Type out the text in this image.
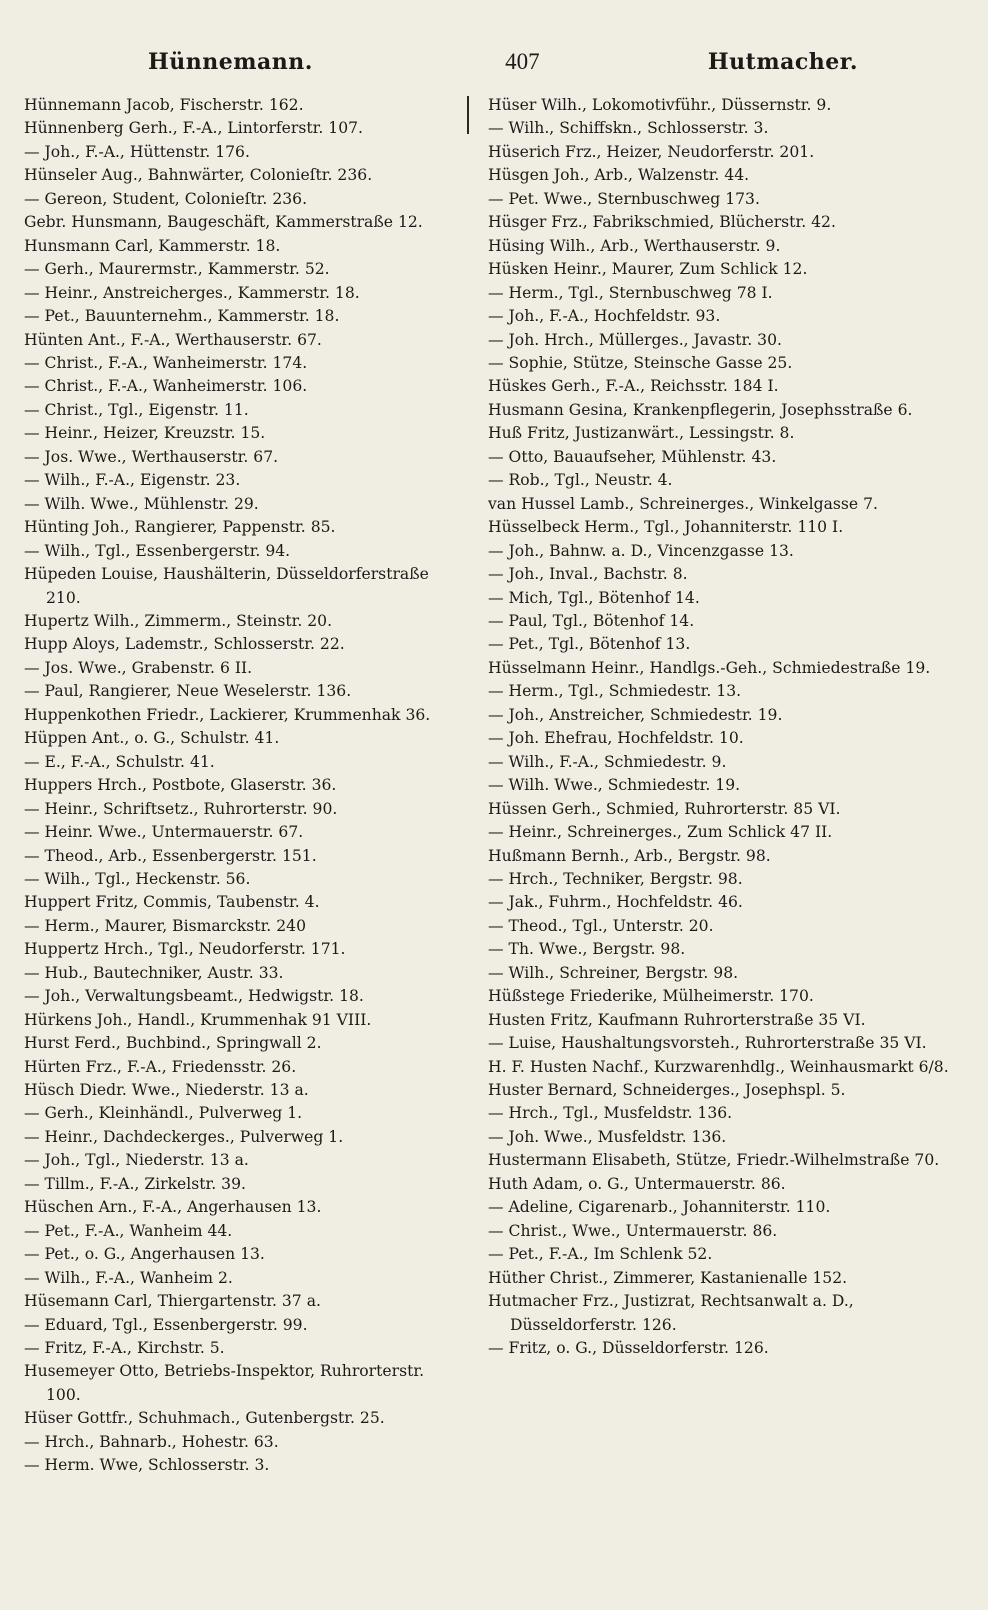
Hünnemann.	407	Hutmacher.
Hünnemann Jacob, Fischerstr. 162.
Hünnenberg Gerh., F.-A., Lintorferstr. 107.
— Joh., F.-A., Hüttenstr. 176.
Hünseler Aug., Bahnwärter, Colonieſtr. 236.
— Gereon, Student, Colonieſtr. 236.
Gebr. Hunsmann, Baugeschäft, Kammerstraße 12.
Hunsmann Carl, Kammerstr. 18.
— Gerh., Maurermstr., Kammerstr. 52.
— Heinr., Anstreicherges., Kammerstr. 18.
— Pet., Bauunternehm., Kammerstr. 18.
Hünten Ant., F.-A., Werthauserstr. 67.
— Christ., F.-A., Wanheimerstr. 174.
— Christ., F.-A., Wanheimerstr. 106.
— Christ., Tgl., Eigenstr. 11.
— Heinr., Heizer, Kreuzstr. 15.
— Jos. Wwe., Werthauserstr. 67.
— Wilh., F.-A., Eigenstr. 23.
— Wilh. Wwe., Mühlenstr. 29.
Hünting Joh., Rangierer, Pappenstr. 85.
— Wilh., Tgl., Essenbergerstr. 94.
Hüpeden Louise, Haushälterin, Düsseldorferstraße 210.
Hupertz Wilh., Zimmerm., Steinstr. 20.
Hupp Aloys, Lademstr., Schlosserstr. 22.
— Jos. Wwe., Grabenstr. 6 II.
— Paul, Rangierer, Neue Weselerstr. 136.
Huppenkothen Friedr., Lackierer, Krummenhak 36.
Hüppen Ant., o. G., Schulstr. 41.
— E., F.-A., Schulstr. 41.
Huppers Hrch., Postbote, Glaserstr. 36.
— Heinr., Schriftsetz., Ruhrorterstr. 90.
— Heinr. Wwe., Untermauerstr. 67.
— Theod., Arb., Essenbergerstr. 151.
— Wilh., Tgl., Heckenstr. 56.
Huppert Fritz, Commis, Taubenstr. 4.
— Herm., Maurer, Bismarckstr. 240
Huppertz Hrch., Tgl., Neudorferstr. 171.
— Hub., Bautechniker, Austr. 33.
— Joh., Verwaltungsbeamt., Hedwigstr. 18.
Hürkens Joh., Handl., Krummenhak 91 VIII.
Hurst Ferd., Buchbind., Springwall 2.
Hürten Frz., F.-A., Friedensstr. 26.
Hüsch Diedr. Wwe., Niederstr. 13 a.
— Gerh., Kleinhändl., Pulverweg 1.
— Heinr., Dachdeckerges., Pulverweg 1.
— Joh., Tgl., Niederstr. 13 a.
— Tillm., F.-A., Zirkelstr. 39.
Hüschen Arn., F.-A., Angerhausen 13.
— Pet., F.-A., Wanheim 44.
— Pet., o. G., Angerhausen 13.
— Wilh., F.-A., Wanheim 2.
Hüsemann Carl, Thiergartenstr. 37 a.
— Eduard, Tgl., Essenbergerstr. 99.
— Fritz, F.-A., Kirchstr. 5.
Husemeyer Otto, Betriebs-Inspektor, Ruhrorterstr. 100.
Hüser Gottfr., Schuhmach., Gutenbergstr. 25.
— Hrch., Bahnarb., Hohestr. 63.
— Herm. Wwe, Schlosserstr. 3.
Hüser Wilh., Lokomotivführ., Düssernstr. 9.
— Wilh., Schiffskn., Schlosserstr. 3.
Hüserich Frz., Heizer, Neudorferstr. 201.
Hüsgen Joh., Arb., Walzenstr. 44.
— Pet. Wwe., Sternbuschweg 173.
Hüsger Frz., Fabrikschmied, Blücherstr. 42.
Hüsing Wilh., Arb., Werthauserstr. 9.
Hüsken Heinr., Maurer, Zum Schlick 12.
— Herm., Tgl., Sternbuschweg 78 I.
— Joh., F.-A., Hochfeldstr. 93.
— Joh. Hrch., Müllerges., Javastr. 30.
— Sophie, Stütze, Steinsche Gasse 25.
Hüskes Gerh., F.-A., Reichsstr. 184 I.
Husmann Gesina, Krankenpflegerin, Josephsstraße 6.
Huß Fritz, Justizanwärt., Lessingstr. 8.
— Otto, Bauaufseher, Mühlenstr. 43.
— Rob., Tgl., Neustr. 4.
van Hussel Lamb., Schreinerges., Winkelgasse 7.
Hüsselbeck Herm., Tgl., Johanniterstr. 110 I.
— Joh., Bahnw. a. D., Vincenzgasse 13.
— Joh., Inval., Bachstr. 8.
— Mich, Tgl., Bötenhof 14.
— Paul, Tgl., Bötenhof 14.
— Pet., Tgl., Bötenhof 13.
Hüsselmann Heinr., Handlgs.-Geh., Schmiedestraße 19.
— Herm., Tgl., Schmiedestr. 13.
— Joh., Anstreicher, Schmiedestr. 19.
— Joh. Ehefrau, Hochfeldstr. 10.
— Wilh., F.-A., Schmiedestr. 9.
— Wilh. Wwe., Schmiedestr. 19.
Hüssen Gerh., Schmied, Ruhrorterstr. 85 VI.
— Heinr., Schreinerges., Zum Schlick 47 II.
Hußmann Bernh., Arb., Bergstr. 98.
— Hrch., Techniker, Bergstr. 98.
— Jak., Fuhrm., Hochfeldstr. 46.
— Theod., Tgl., Unterstr. 20.
— Th. Wwe., Bergstr. 98.
— Wilh., Schreiner, Bergstr. 98.
Hüßstege Friederike, Mülheimerstr. 170.
Husten Fritz, Kaufmann Ruhrorterstraße 35 VI.
— Luise, Haushaltungsvorsteh., Ruhrorterstraße 35 VI.
H. F. Husten Nachf., Kurzwarenhdlg., Weinhausmarkt 6/8.
Huster Bernard, Schneiderges., Josephspl. 5.
— Hrch., Tgl., Musfeldstr. 136.
— Joh. Wwe., Musfeldstr. 136.
Hustermann Elisabeth, Stütze, Friedr.-Wilhelmstraße 70.
Huth Adam, o. G., Untermauerstr. 86.
— Adeline, Cigarenarb., Johanniterstr. 110.
— Christ., Wwe., Untermauerstr. 86.
— Pet., F.-A., Im Schlenk 52.
Hüther Christ., Zimmerer, Kastanienalle 152.
Hutmacher Frz., Justizrat, Rechtsanwalt a. D., Düsseldorferstr. 126.
— Fritz, o. G., Düsseldorferstr. 126.
